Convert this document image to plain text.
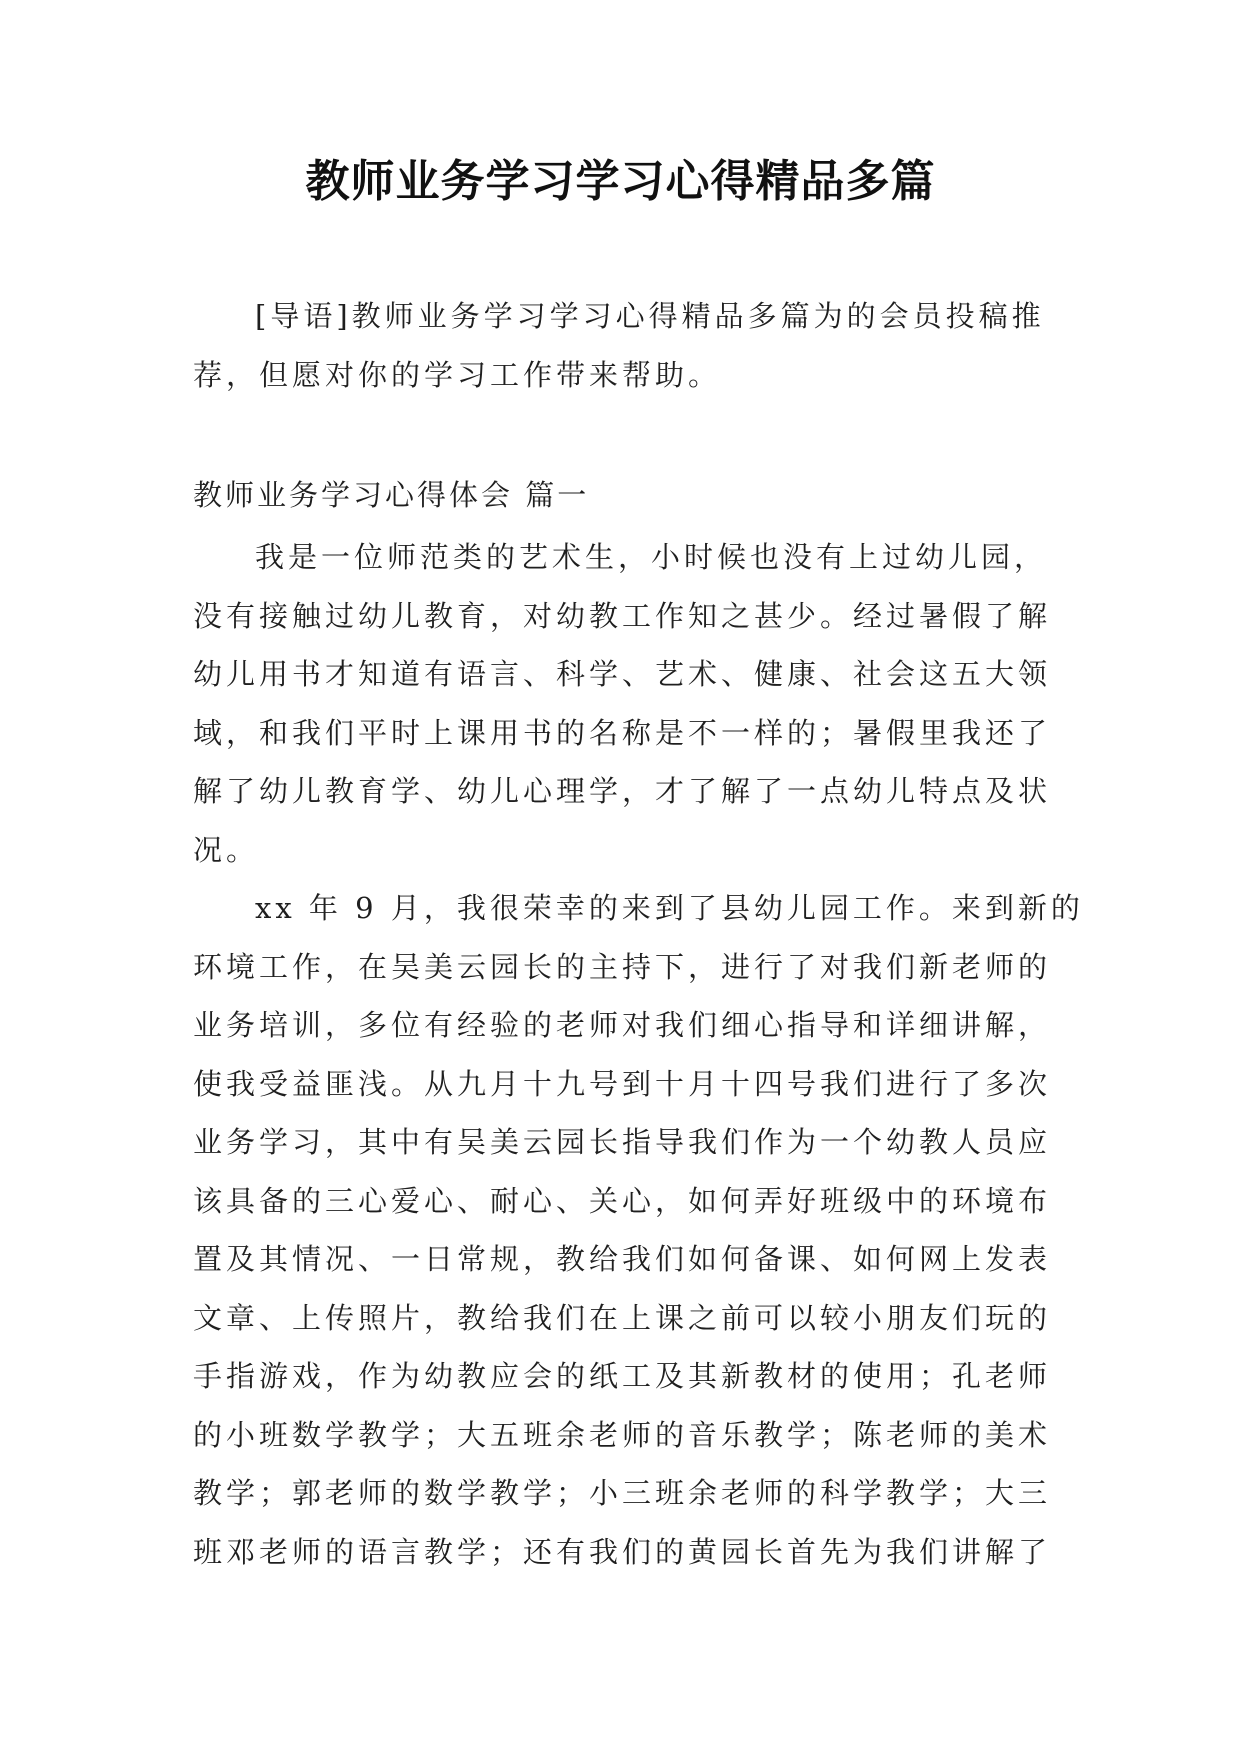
教师业务学习学习心得精品多篇
[导语]教师业务学习学习心得精品多篇为的会员投稿推
荐，但愿对你的学习工作带来帮助。
教师业务学习心得体会 篇一
我是一位师范类的艺术生，小时候也没有上过幼儿园，
没有接触过幼儿教育，对幼教工作知之甚少。经过暑假了解
幼儿用书才知道有语言、科学、艺术、健康、社会这五大领
域，和我们平时上课用书的名称是不一样的；暑假里我还了
解了幼儿教育学、幼儿心理学，才了解了一点幼儿特点及状
况。
xx 年 9 月，我很荣幸的来到了县幼儿园工作。来到新的
环境工作，在吴美云园长的主持下，进行了对我们新老师的
业务培训，多位有经验的老师对我们细心指导和详细讲解，
使我受益匪浅。从九月十九号到十月十四号我们进行了多次
业务学习，其中有吴美云园长指导我们作为一个幼教人员应
该具备的三心爱心、耐心、关心，如何弄好班级中的环境布
置及其情况、一日常规，教给我们如何备课、如何网上发表
文章、上传照片，教给我们在上课之前可以较小朋友们玩的
手指游戏，作为幼教应会的纸工及其新教材的使用；孔老师
的小班数学教学；大五班余老师的音乐教学；陈老师的美术
教学；郭老师的数学教学；小三班余老师的科学教学；大三
班邓老师的语言教学；还有我们的黄园长首先为我们讲解了
